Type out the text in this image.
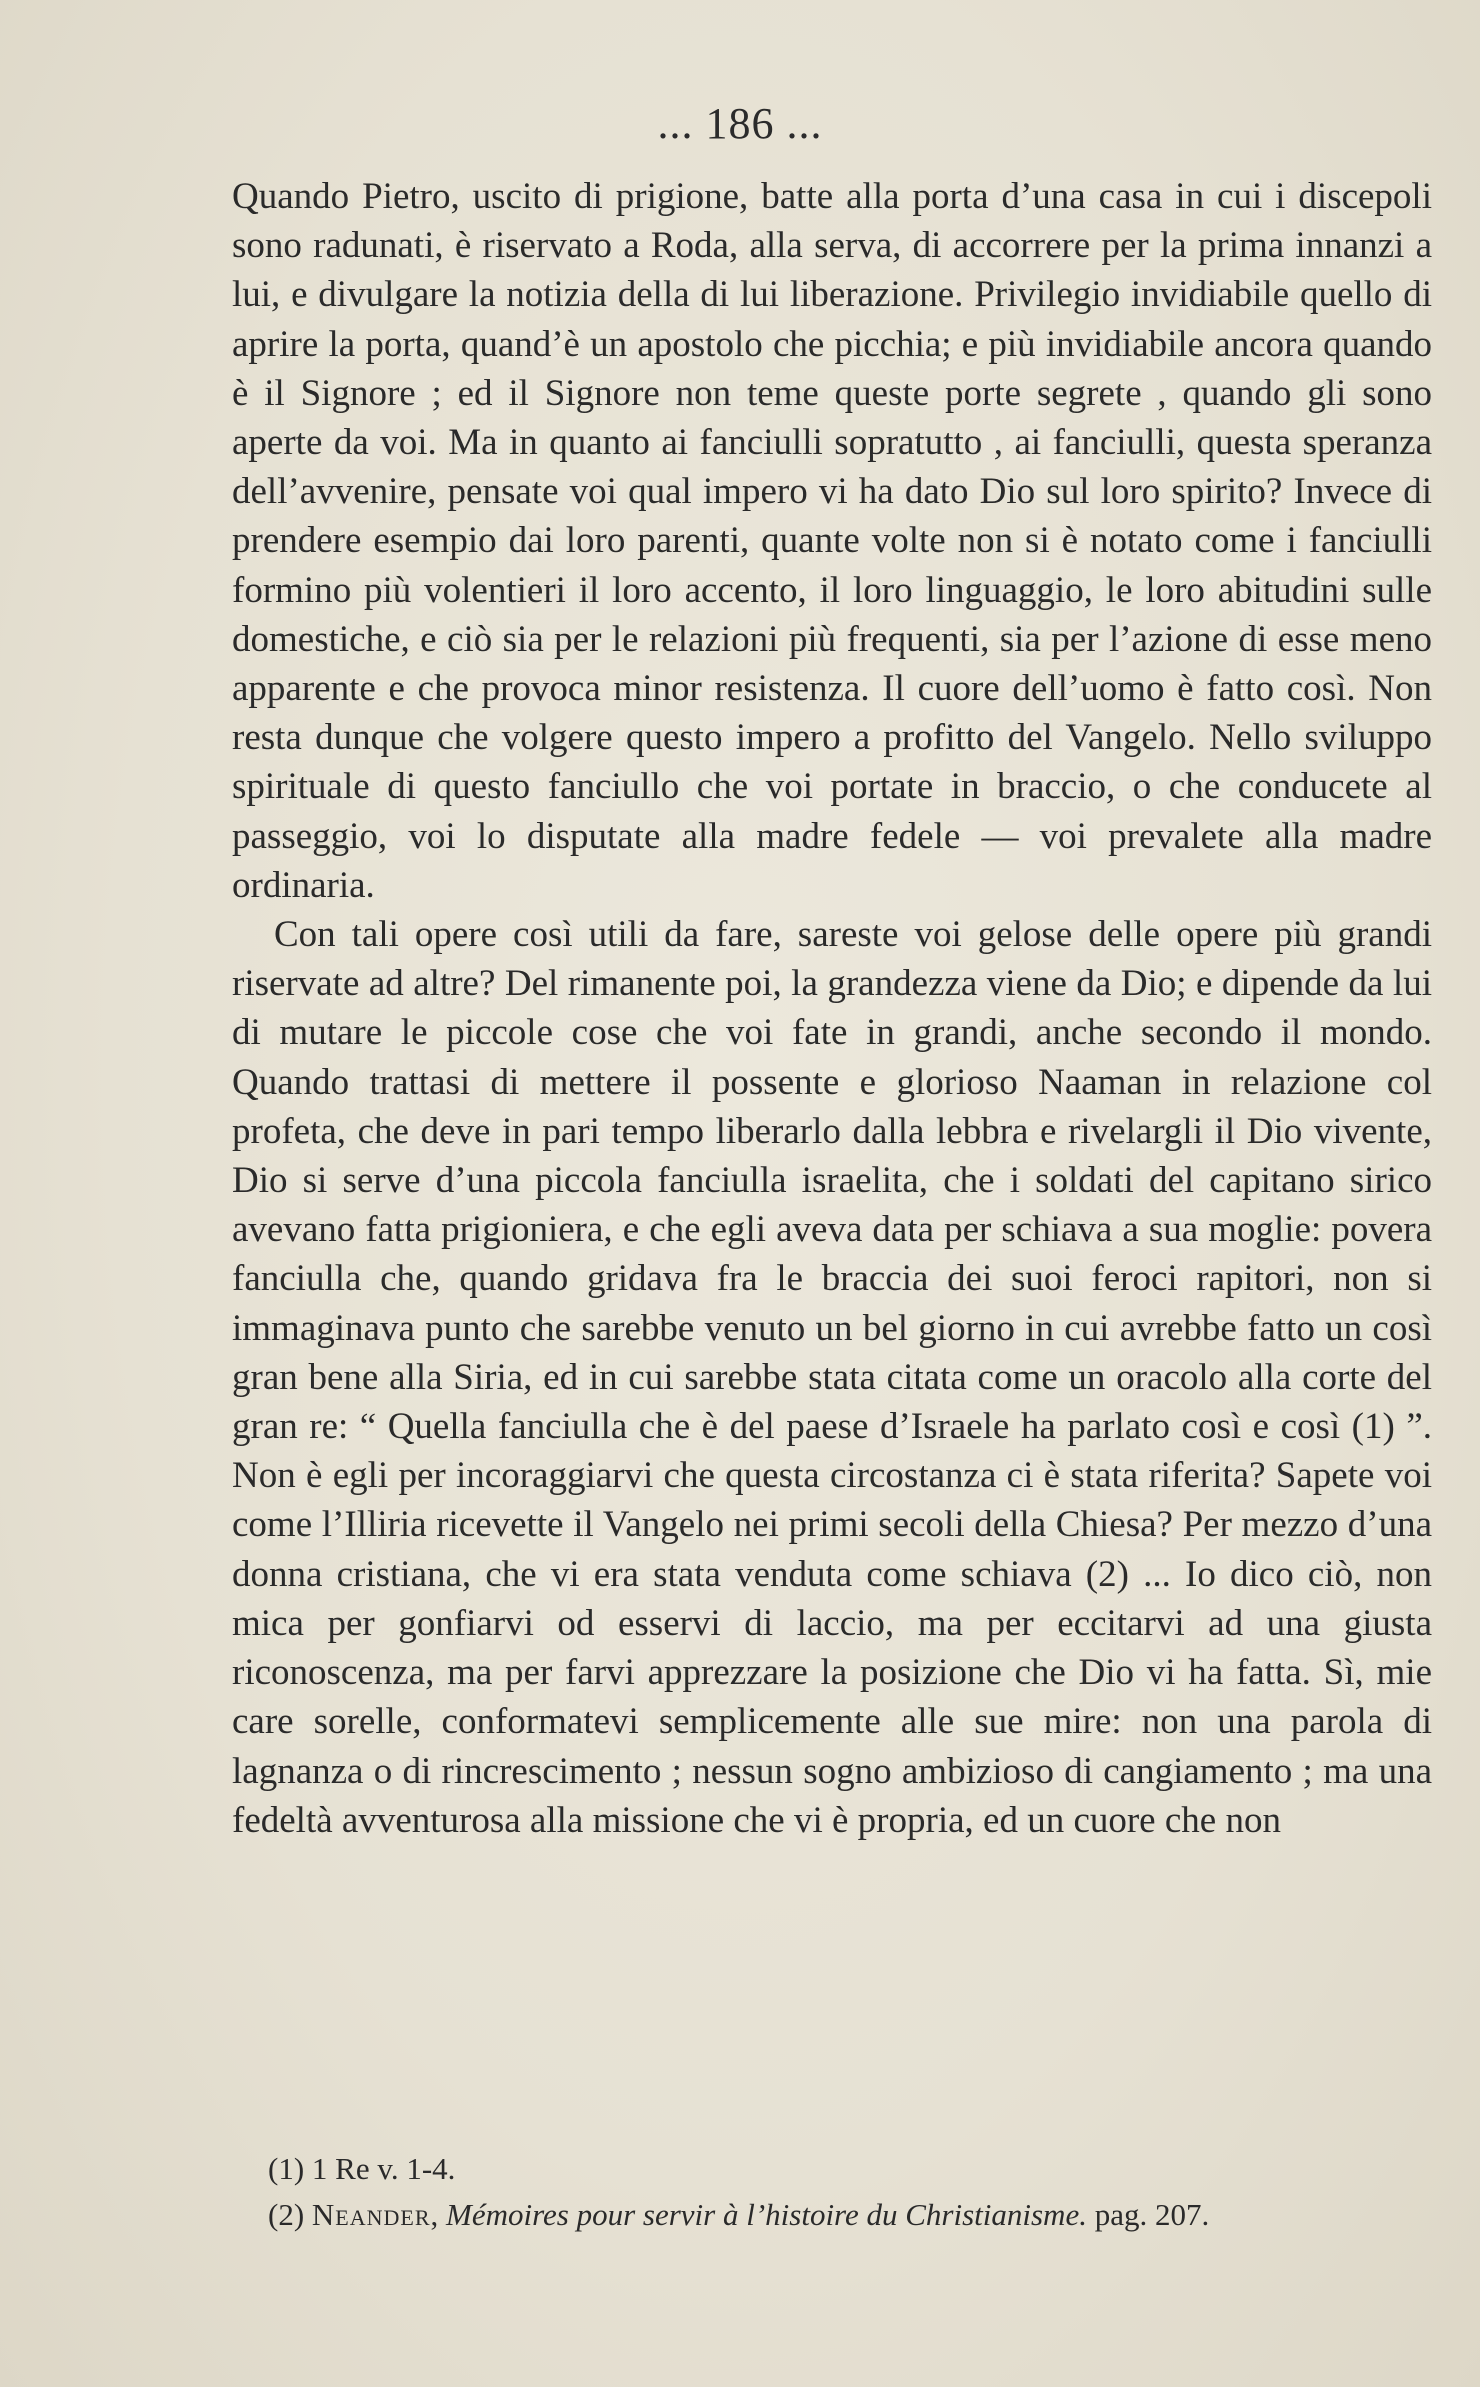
... 186 ...

Quando Pietro, uscito di prigione, batte alla porta d’una casa in cui i discepoli sono radunati, è riservato a Roda, alla serva, di accorrere per la prima innanzi a lui, e divulgare la notizia della di lui liberazione. Privilegio invidiabile quello di aprire la porta, quand’è un apostolo che picchia; e più invidiabile ancora quando è il Signore ; ed il Signore non teme queste porte segrete , quando gli sono aperte da voi. Ma in quanto ai fanciulli sopratutto , ai fanciulli, questa speranza dell’avvenire, pensate voi qual impero vi ha dato Dio sul loro spirito? Invece di prendere esempio dai loro parenti, quante volte non si è notato come i fanciulli formino più volentieri il loro accento, il loro linguaggio, le loro abitudini sulle domestiche, e ciò sia per le relazioni più frequenti, sia per l’azione di esse meno apparente e che provoca minor resistenza. Il cuore dell’uomo è fatto così. Non resta dunque che volgere questo impero a profitto del Vangelo. Nello sviluppo spirituale di questo fanciullo che voi portate in braccio, o che conducete al passeggio, voi lo disputate alla madre fedele — voi prevalete alla madre ordinaria.

Con tali opere così utili da fare, sareste voi gelose delle opere più grandi riservate ad altre? Del rimanente poi, la grandezza viene da Dio; e dipende da lui di mutare le piccole cose che voi fate in grandi, anche secondo il mondo. Quando trattasi di mettere il possente e glorioso Naaman in relazione col profeta, che deve in pari tempo liberarlo dalla lebbra e rivelargli il Dio vivente, Dio si serve d’una piccola fanciulla israelita, che i soldati del capitano sirico avevano fatta prigioniera, e che egli aveva data per schiava a sua moglie: povera fanciulla che, quando gridava fra le braccia dei suoi feroci rapitori, non si immaginava punto che sarebbe venuto un bel giorno in cui avrebbe fatto un così gran bene alla Siria, ed in cui sarebbe stata citata come un oracolo alla corte del gran re: “ Quella fanciulla che è del paese d’Israele ha parlato così e così (1) ”. Non è egli per incoraggiarvi che questa circostanza ci è stata riferita? Sapete voi come l’Illiria ricevette il Vangelo nei primi secoli della Chiesa? Per mezzo d’una donna cristiana, che vi era stata venduta come schiava (2) ... Io dico ciò, non mica per gonfiarvi od esservi di laccio, ma per eccitarvi ad una giusta riconoscenza, ma per farvi apprezzare la posizione che Dio vi ha fatta. Sì, mie care sorelle, conformatevi semplicemente alle sue mire: non una parola di lagnanza o di rincrescimento ; nessun sogno ambizioso di cangiamento ; ma una fedeltà avventurosa alla missione che vi è propria, ed un cuore che non

(1) 1 Re v. 1-4.
(2) Neander, Mémoires pour servir à l’histoire du Christianisme. pag. 207.
